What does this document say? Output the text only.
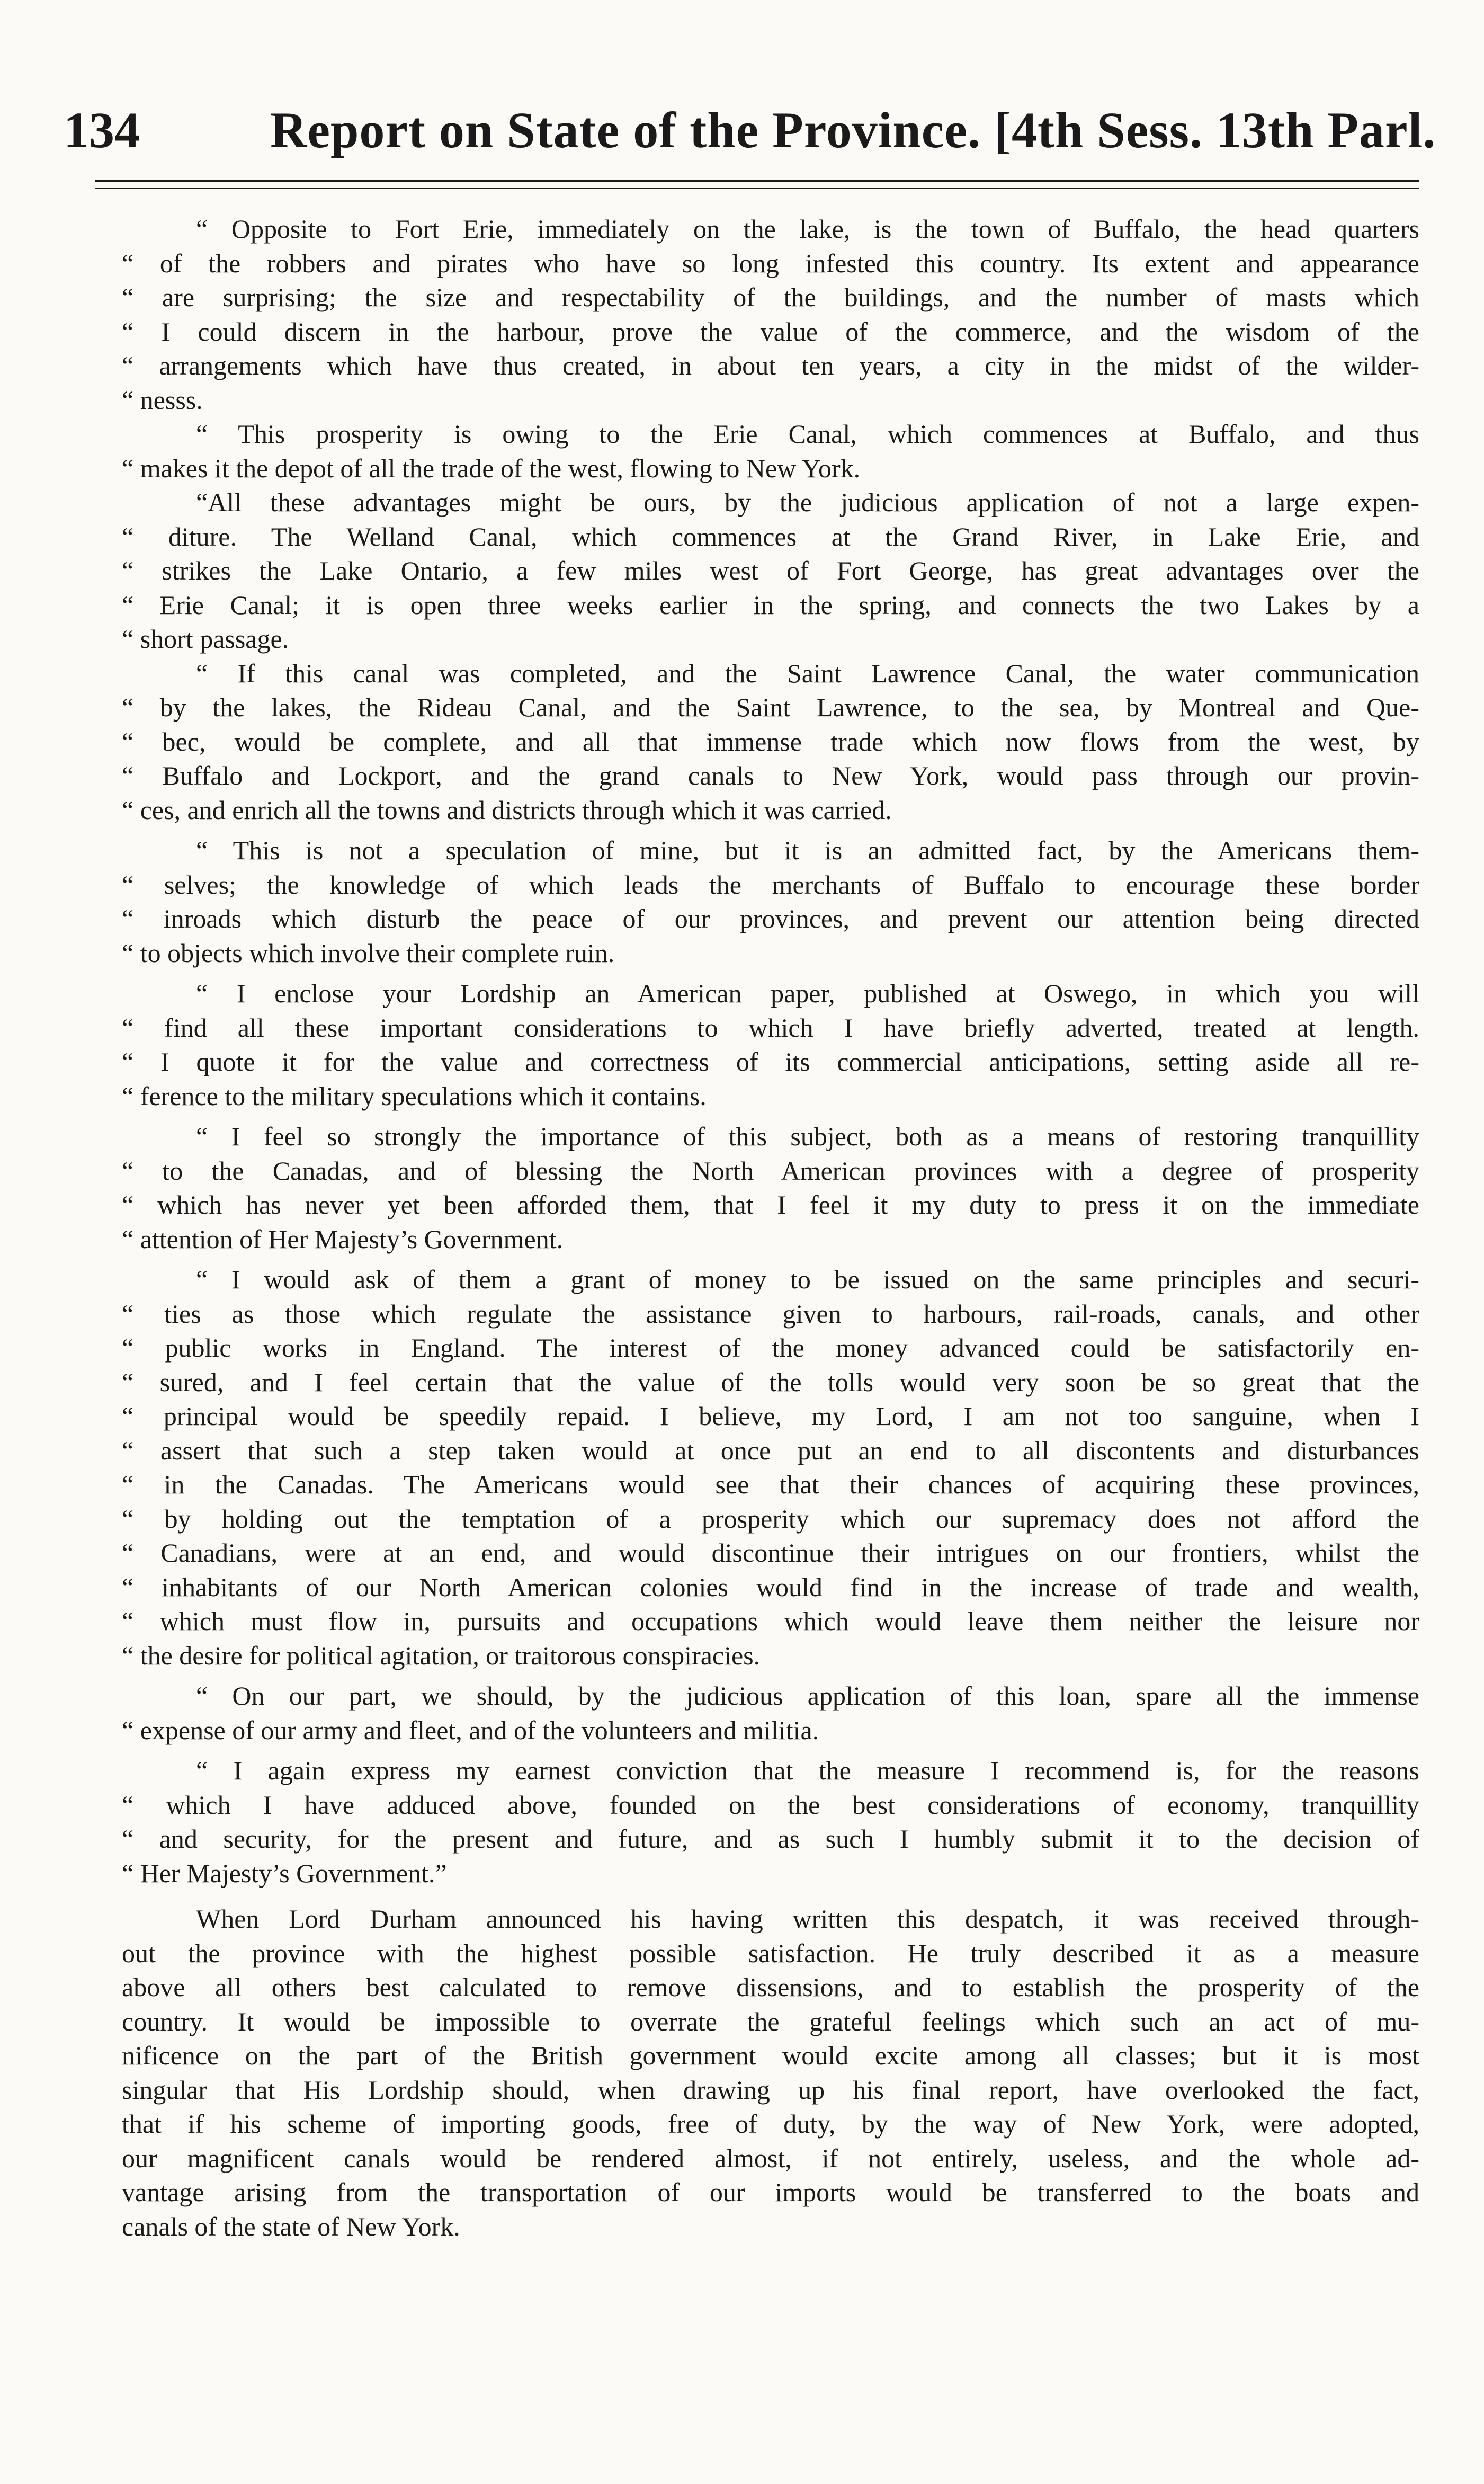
134	Report on State of the Province. [4th Sess. 13th Parl.
“ Opposite to Fort Erie, immediately on the lake, is the town of Buffalo, the head quarters
“ of the robbers and pirates who have so long infested this country. Its extent and appearance
“ are surprising; the size and respectability of the buildings, and the number of masts which
“ I could discern in the harbour, prove the value of the commerce, and the wisdom of the
“ arrangements which have thus created, in about ten years, a city in the midst of the wilder-
“ nesss.
“ This prosperity is owing to the Erie Canal, which commences at Buffalo, and thus
“ makes it the depot of all the trade of the west, flowing to New York.
“All these advantages might be ours, by the judicious application of not a large expen-
“ diture. The Welland Canal, which commences at the Grand River, in Lake Erie, and
“ strikes the Lake Ontario, a few miles west of Fort George, has great advantages over the
“ Erie Canal; it is open three weeks earlier in the spring, and connects the two Lakes by a
“ short passage.
“ If this canal was completed, and the Saint Lawrence Canal, the water communication
“ by the lakes, the Rideau Canal, and the Saint Lawrence, to the sea, by Montreal and Que-
“ bec, would be complete, and all that immense trade which now flows from the west, by
“ Buffalo and Lockport, and the grand canals to New York, would pass through our provin-
“ ces, and enrich all the towns and districts through which it was carried.
“ This is not a speculation of mine, but it is an admitted fact, by the Americans them-
“ selves; the knowledge of which leads the merchants of Buffalo to encourage these border
“ inroads which disturb the peace of our provinces, and prevent our attention being directed
“ to objects which involve their complete ruin.
“ I enclose your Lordship an American paper, published at Oswego, in which you will
“ find all these important considerations to which I have briefly adverted, treated at length.
“ I quote it for the value and correctness of its commercial anticipations, setting aside all re-
“ ference to the military speculations which it contains.
“ I feel so strongly the importance of this subject, both as a means of restoring tranquillity
“ to the Canadas, and of blessing the North American provinces with a degree of prosperity
“ which has never yet been afforded them, that I feel it my duty to press it on the immediate
“ attention of Her Majesty’s Government.
“ I would ask of them a grant of money to be issued on the same principles and securi-
“ ties as those which regulate the assistance given to harbours, rail-roads, canals, and other
“ public works in England. The interest of the money advanced could be satisfactorily en-
“ sured, and I feel certain that the value of the tolls would very soon be so great that the
“ principal would be speedily repaid. I believe, my Lord, I am not too sanguine, when I
“ assert that such a step taken would at once put an end to all discontents and disturbances
“ in the Canadas. The Americans would see that their chances of acquiring these provinces,
“ by holding out the temptation of a prosperity which our supremacy does not afford the
“ Canadians, were at an end, and would discontinue their intrigues on our frontiers, whilst the
“ inhabitants of our North American colonies would find in the increase of trade and wealth,
“ which must flow in, pursuits and occupations which would leave them neither the leisure nor
“ the desire for political agitation, or traitorous conspiracies.
“ On our part, we should, by the judicious application of this loan, spare all the immense
“ expense of our army and fleet, and of the volunteers and militia.
“ I again express my earnest conviction that the measure I recommend is, for the reasons
“ which I have adduced above, founded on the best considerations of economy, tranquillity
“ and security, for the present and future, and as such I humbly submit it to the decision of
“ Her Majesty’s Government.”
When Lord Durham announced his having written this despatch, it was received through-
out the province with the highest possible satisfaction. He truly described it as a measure
above all others best calculated to remove dissensions, and to establish the prosperity of the
country. It would be impossible to overrate the grateful feelings which such an act of mu-
nificence on the part of the British government would excite among all classes; but it is most
singular that His Lordship should, when drawing up his final report, have overlooked the fact,
that if his scheme of importing goods, free of duty, by the way of New York, were adopted,
our magnificent canals would be rendered almost, if not entirely, useless, and the whole ad-
vantage arising from the transportation of our imports would be transferred to the boats and
canals of the state of New York.
